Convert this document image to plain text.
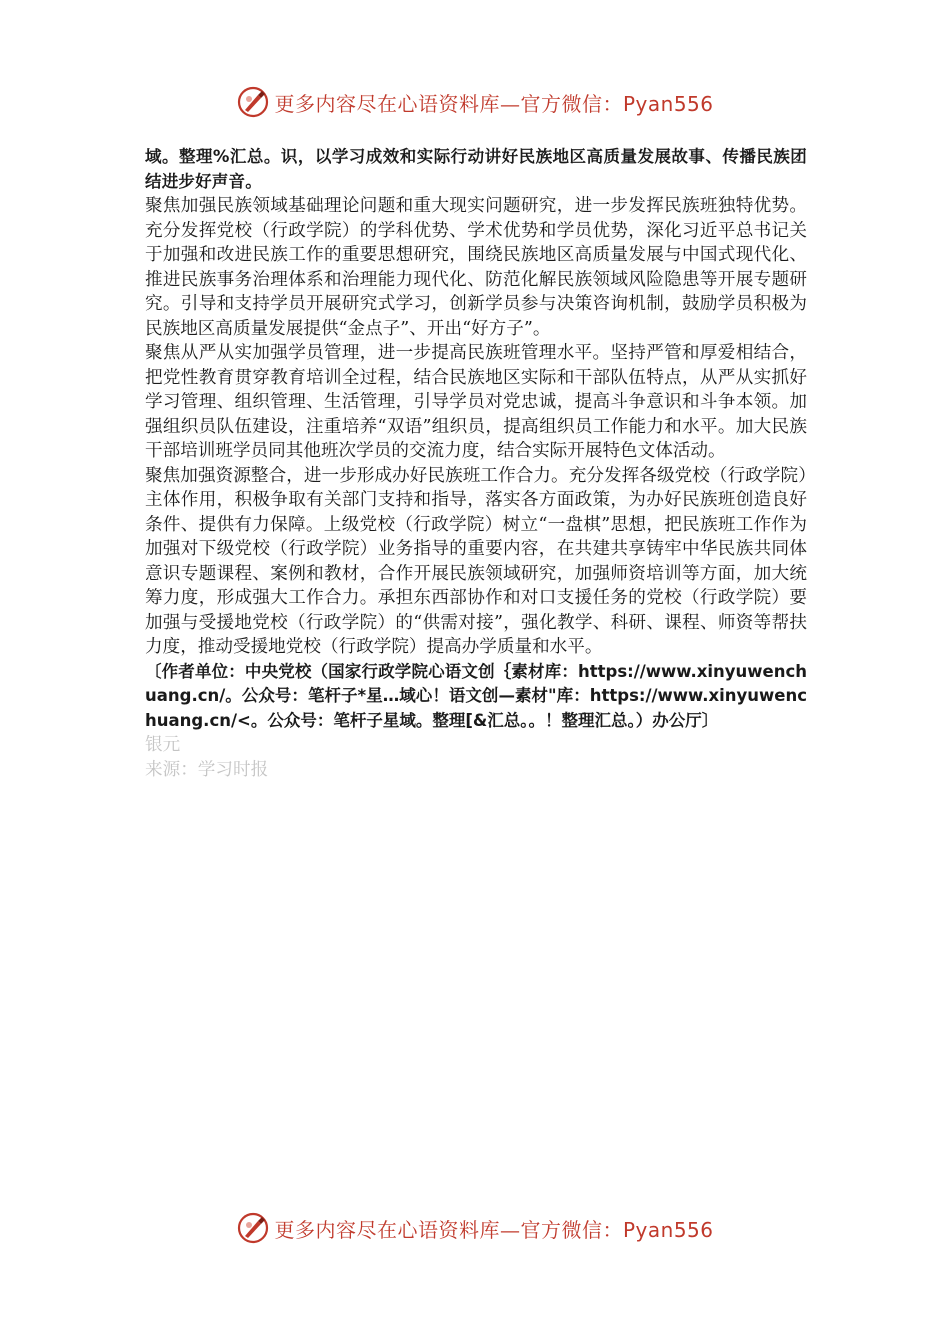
更多内容尽在心语资料库—官方微信：Pyan556

域。整理%汇总。识，以学习成效和实际行动讲好民族地区高质量发展故事、传播民族团结进步好声音。

聚焦加强民族领域基础理论问题和重大现实问题研究，进一步发挥民族班独特优势。充分发挥党校（行政学院）的学科优势、学术优势和学员优势，深化习近平总书记关于加强和改进民族工作的重要思想研究，围绕民族地区高质量发展与中国式现代化、推进民族事务治理体系和治理能力现代化、防范化解民族领域风险隐患等开展专题研究。引导和支持学员开展研究式学习，创新学员参与决策咨询机制，鼓励学员积极为民族地区高质量发展提供“金点子”、开出“好方子”。

聚焦从严从实加强学员管理，进一步提高民族班管理水平。坚持严管和厚爱相结合，把党性教育贯穿教育培训全过程，结合民族地区实际和干部队伍特点，从严从实抓好学习管理、组织管理、生活管理，引导学员对党忠诚，提高斗争意识和斗争本领。加强组织员队伍建设，注重培养“双语”组织员，提高组织员工作能力和水平。加大民族干部培训班学员同其他班次学员的交流力度，结合实际开展特色文体活动。

聚焦加强资源整合，进一步形成办好民族班工作合力。充分发挥各级党校（行政学院）主体作用，积极争取有关部门支持和指导，落实各方面政策，为办好民族班创造良好条件、提供有力保障。上级党校（行政学院）树立“一盘棋”思想，把民族班工作作为加强对下级党校（行政学院）业务指导的重要内容，在共建共享铸牢中华民族共同体意识专题课程、案例和教材，合作开展民族领域研究，加强师资培训等方面，加大统筹力度，形成强大工作合力。承担东西部协作和对口支援任务的党校（行政学院）要加强与受援地党校（行政学院）的“供需对接”，强化教学、科研、课程、师资等帮扶力度，推动受援地党校（行政学院）提高办学质量和水平。

〔作者单位：中央党校（国家行政学院心语文创｛素材库：https://www.xinyuwenchuang.cn/。公众号：笔杆子*星…域心！语文创—素材"库：https://www.xinyuwenchuang.cn/<。公众号：笔杆子星域。整理[&汇总。。！整理汇总。）办公厅〕

银元

来源：学习时报

更多内容尽在心语资料库—官方微信：Pyan556
